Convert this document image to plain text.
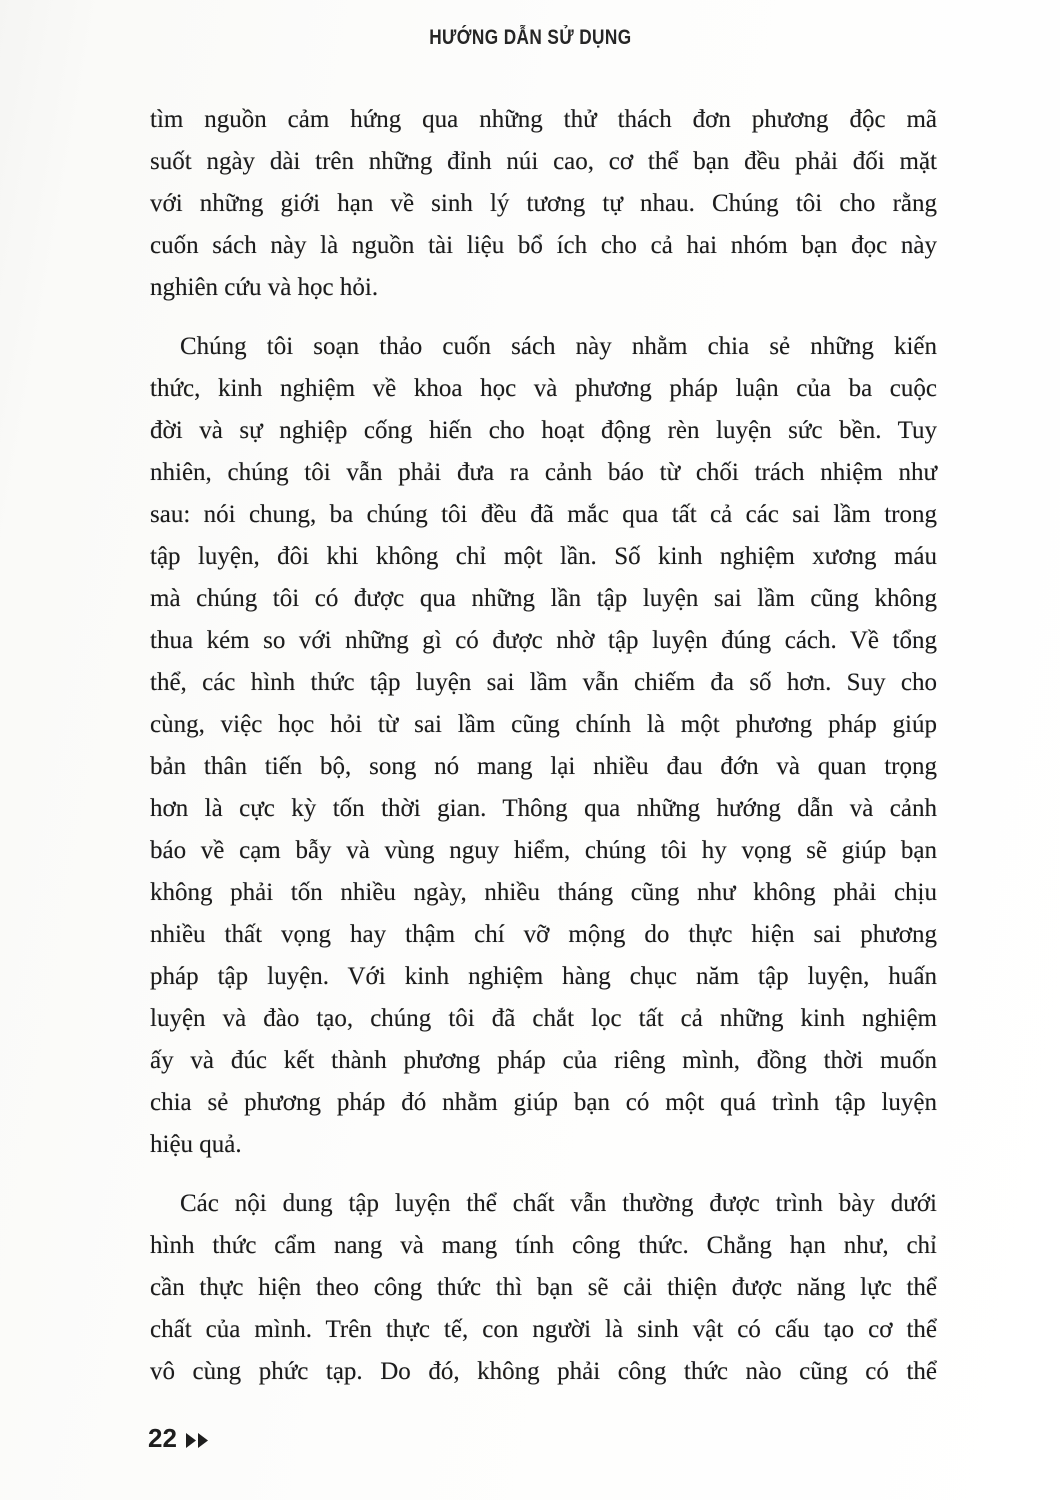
HƯỚNG DẪN SỬ DỤNG
tìm nguồn cảm hứng qua những thử thách đơn phương độc mã
suốt ngày dài trên những đỉnh núi cao, cơ thể bạn đều phải đối mặt
với những giới hạn về sinh lý tương tự nhau. Chúng tôi cho rằng
cuốn sách này là nguồn tài liệu bổ ích cho cả hai nhóm bạn đọc này
nghiên cứu và học hỏi.
Chúng tôi soạn thảo cuốn sách này nhằm chia sẻ những kiến
thức, kinh nghiệm về khoa học và phương pháp luận của ba cuộc
đời và sự nghiệp cống hiến cho hoạt động rèn luyện sức bền. Tuy
nhiên, chúng tôi vẫn phải đưa ra cảnh báo từ chối trách nhiệm như
sau: nói chung, ba chúng tôi đều đã mắc qua tất cả các sai lầm trong
tập luyện, đôi khi không chỉ một lần. Số kinh nghiệm xương máu
mà chúng tôi có được qua những lần tập luyện sai lầm cũng không
thua kém so với những gì có được nhờ tập luyện đúng cách. Về tổng
thể, các hình thức tập luyện sai lầm vẫn chiếm đa số hơn. Suy cho
cùng, việc học hỏi từ sai lầm cũng chính là một phương pháp giúp
bản thân tiến bộ, song nó mang lại nhiều đau đớn và quan trọng
hơn là cực kỳ tốn thời gian. Thông qua những hướng dẫn và cảnh
báo về cạm bẫy và vùng nguy hiểm, chúng tôi hy vọng sẽ giúp bạn
không phải tốn nhiều ngày, nhiều tháng cũng như không phải chịu
nhiều thất vọng hay thậm chí vỡ mộng do thực hiện sai phương
pháp tập luyện. Với kinh nghiệm hàng chục năm tập luyện, huấn
luyện và đào tạo, chúng tôi đã chắt lọc tất cả những kinh nghiệm
ấy và đúc kết thành phương pháp của riêng mình, đồng thời muốn
chia sẻ phương pháp đó nhằm giúp bạn có một quá trình tập luyện
hiệu quả.
Các nội dung tập luyện thể chất vẫn thường được trình bày dưới
hình thức cẩm nang và mang tính công thức. Chẳng hạn như, chỉ
cần thực hiện theo công thức thì bạn sẽ cải thiện được năng lực thể
chất của mình. Trên thực tế, con người là sinh vật có cấu tạo cơ thể
vô cùng phức tạp. Do đó, không phải công thức nào cũng có thể
22
